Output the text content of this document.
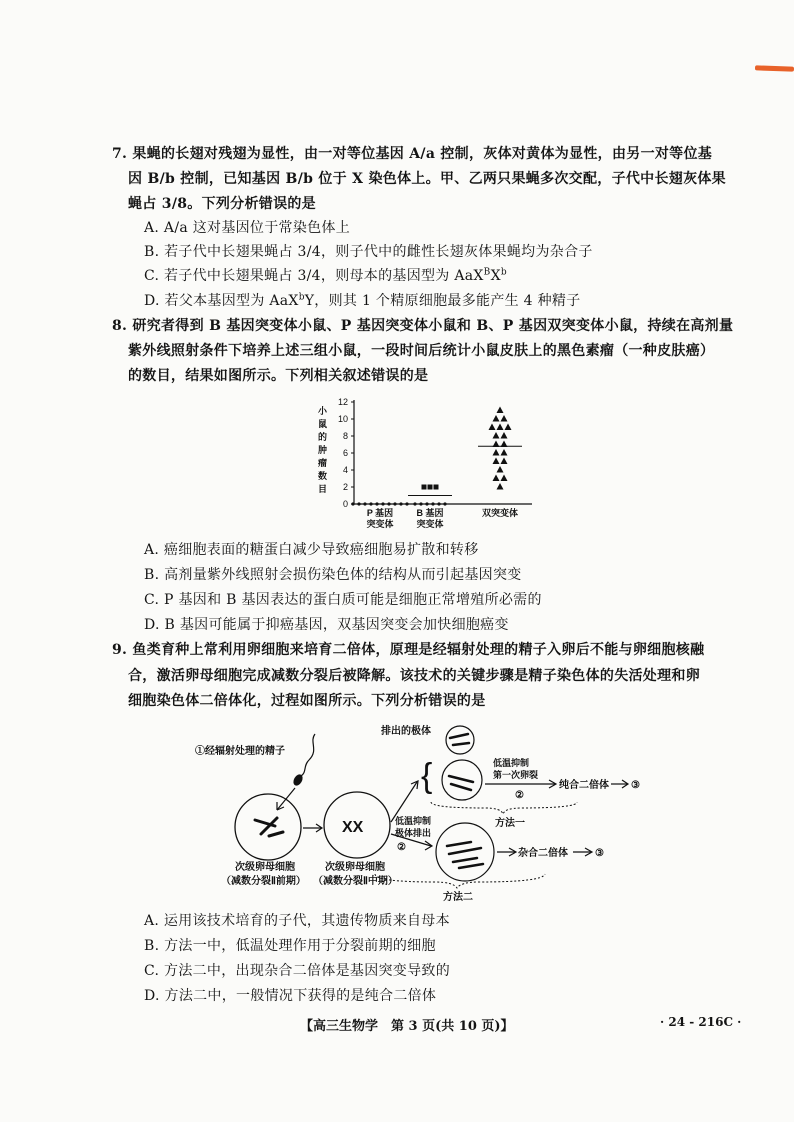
7. 果蝇的长翅对残翅为显性，由一对等位基因 A/a 控制，灰体对黄体为显性，由另一对等位基
因 B/b 控制，已知基因 B/b 位于 X 染色体上。甲、乙两只果蝇多次交配，子代中长翅灰体果
蝇占 3/8。下列分析错误的是
A. A/a 这对基因位于常染色体上
B. 若子代中长翅果蝇占 3/4，则子代中的雌性长翅灰体果蝇均为杂合子
C. 若子代中长翅果蝇占 3/4，则母本的基因型为 $AaX^BX^b$
D. 若父本基因型为 AaX$^b$Y，则其 1 个精原细胞最多能产生 4 种精子
8. 研究者得到 B 基因突变体小鼠、P 基因突变体小鼠和 B、P 基因双突变体小鼠，持续在高剂量
紫外线照射条件下培养上述三组小鼠，一段时间后统计小鼠皮肤上的黑色素瘤（一种皮肤癌）
的数目，结果如图所示。下列相关叙述错误的是
小
鼠
的
肿
瘤
数
目
0
2
4
6
8
10
12
P 基因
突变体
B 基因
突变体
双突变体
A. 癌细胞表面的糖蛋白减少导致癌细胞易扩散和转移
B. 高剂量紫外线照射会损伤染色体的结构从而引起基因突变
C. P 基因和 B 基因表达的蛋白质可能是细胞正常增殖所必需的
D. B 基因可能属于抑癌基因，双基因突变会加快细胞癌变
9. 鱼类育种上常利用卵细胞来培育二倍体，原理是经辐射处理的精子入卵后不能与卵细胞核融
合，激活卵母细胞完成减数分裂后被降解。该技术的关键步骤是精子染色体的失活处理和卵
细胞染色体二倍体化，过程如图所示。下列分析错误的是
①经辐射处理的精子
次级卵母细胞
（减数分裂Ⅱ前期）
XX
次级卵母细胞
（减数分裂Ⅱ中期）
低温抑制
极体排出
②
排出的极体
{	低温抑制
第一次卵裂
②
纯合二倍体 ③
方法一
杂合二倍体	③
方法二
A. 运用该技术培育的子代，其遗传物质来自母本
B. 方法一中，低温处理作用于分裂前期的细胞
C. 方法二中，出现杂合二倍体是基因突变导致的
D. 方法二中，一般情况下获得的是纯合二倍体
【高三生物学　第 3 页(共 10 页)】	· 24 - 216C ·
